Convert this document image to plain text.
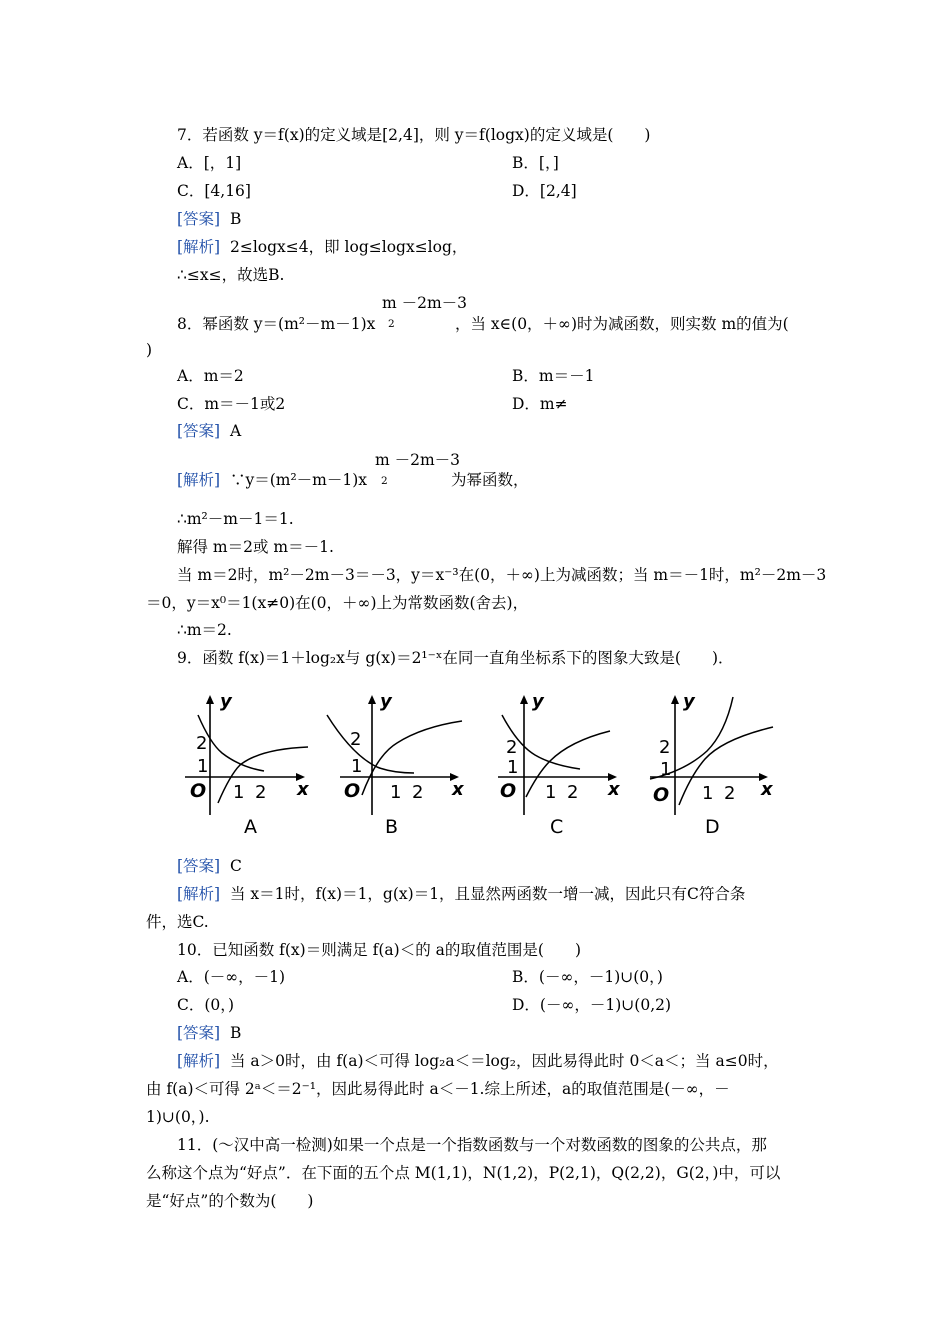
7．若函数 y＝f(x)的定义域是[2,4]，则 y＝f(logx)的定义域是(　　)
A．[，1]	B．[，]
C．[4,16]	D．[2,4]
[答案] B
[解析] 2≤logx≤4，即 log≤logx≤log，
∴≤x≤，故选B.
m －2m－3
2
8．幂函数 y＝(m²－m－1)x	，当 x∈(0，＋∞)时为减函数，则实数 m的值为(
)
A．m＝2	B．m＝－1
C．m＝－1或2	D．m≠
[答案] A
m －2m－3
2
[解析] ∵y＝(m²－m－1)x	为幂函数，
∴m²－m－1＝1.
解得 m＝2或 m＝－1.
当 m＝2时，m²－2m－3＝－3，y＝x⁻³在(0，＋∞)上为减函数；当 m＝－1时，m²－2m－3
＝0，y＝x⁰＝1(x≠0)在(0，＋∞)上为常数函数(舍去)，
∴m＝2.
9．函数 f(x)＝1＋log₂x与 g(x)＝2¹⁻ˣ在同一直角坐标系下的图象大致是(　　)．
y
O
2
1
1 2 x
A
y
O
2
1
1 2 x
B
y
O
2
1
1 2 x
C
y
O
2
1
1 2 x
D
[答案] C
[解析] 当 x＝1时，f(x)＝1，g(x)＝1，且显然两函数一增一减，因此只有C符合条
件，选C.
10．已知函数 f(x)＝则满足 f(a)＜的 a的取值范围是(　　)
A．(－∞，－1)	B．(－∞，－1)∪(0，)
C．(0，)	D．(－∞，－1)∪(0,2)
[答案] B
[解析] 当 a＞0时，由 f(a)＜可得 log₂a＜＝log₂，因此易得此时 0＜a＜；当 a≤0时，
由 f(a)＜可得 2ᵃ＜＝2⁻¹，因此易得此时 a＜－1.综上所述，a的取值范围是(－∞，－
1)∪(0，).
11．(～汉中高一检测)如果一个点是一个指数函数与一个对数函数的图象的公共点，那
么称这个点为“好点”．在下面的五个点 M(1,1)，N(1,2)，P(2,1)，Q(2,2)，G(2，)中，可以
是“好点”的个数为(　　)
